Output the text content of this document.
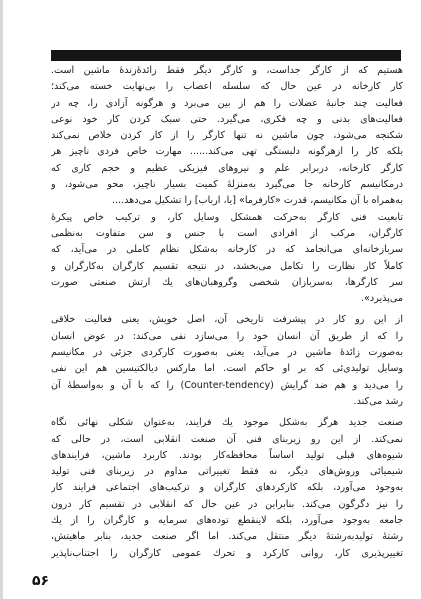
هستیم که از کارگر جداست، و کارگر دیگر فقط زائدۀزندۀ ماشین است.
کار کارخانه در عین حال که سلسله اعصاب را بی‌نهایت خسته می‌کند؛
فعالیت چند جانبۀ عضلات را هم از بین می‌برد و هرگونه آزادی را، چه در
فعالیت‌های بدنی و چه فکری، می‌گیرد. حتی سبک کردن کار خود نوعی
شکنجه می‌شود، چون ماشین نه تنها کارگر را از کار کردن خلاص نمی‌کند
بلکه کار را ازهرگونه دلبستگی تهی می‌کند...... مهارت خاص فردی ناچیز هر
کارگر کارخانه، دربرابر علم و نیروهای فیزیکی عظیم و حجم کاری که
درمکانیسم کارخانه جا می‌گیرد به‌منزلۀ کمیت بسیار ناچیز، محو می‌شود، و
به‌همراه با آن مکانیسم، قدرت «کارفرما» [یا، ارباب] را تشکیل می‌دهد....
تابعیت فنی کارگر به‌حرکت همشکل وسایل کار، و ترکیب خاص پیکرۀ
کارگران، مرکب از افرادی است با جنس و سن متفاوت به‌نظمی
سربازخانه‌ای می‌انجامد که در کارخانه به‌شکل نظام کاملی در می‌آید، که
کاملاً کار نظارت را تکامل می‌بخشد، در نتیجه تقسیم کارگران به‌کارگران و
سر کارگرها، به‌سربازان شخصی وگروهبان‌های یك ارتش صنعتی صورت
می‌پذیرد».
از این رو کار در پیشرفت تاریخی آن، اصل خویش، یعنی فعالیت خلاقی
را که از طریق آن انسان خود را می‌سازد نفی می‌کند: در عوض انسان
به‌صورت زائدۀ ماشین در می‌آید، یعنی به‌صورت کارکردی جزئی در مکانیسم
وسایل تولیدی‌ئی که بر او حاکم است. اما مارکس دیالکتیسین هم این نفی
را می‌دید و هم ضد گرایش (Counter-tendency) را که با آن و به‌واسطۀ آن
رشد می‌کند.
صنعت جدید هرگز به‌شکل موجود یك فرایند، به‌عنوان شکلی نهائی نگاه
نمی‌کند. از این رو زیربنای فنی آن صنعت انقلابی است، در حالی که
شیوه‌های قبلی تولید اساساً محافظه‌کار بودند. کاربرد ماشین، فرایندهای
شیمیائی وروش‌های دیگر، نه فقط تغییراتی مداوم در زیربنای فنی تولید
به‌وجود می‌آورد، بلکه کارکردهای کارگران و ترکیب‌های اجتماعی فرایند کار
را نیز دگرگون می‌کند. بنابراین در عین حال که انقلابی در تقسیم کار درون
جامعه به‌وجود می‌آورد، بلکه لاینقطع توده‌های سرمایه و کارگران را از یك
رشتۀ تولیدبه‌رشتۀ دیگر منتقل می‌کند. اما اگر صنعت جدید، بنابر ماهیتش،
تغییرپذیری کار، روانی کارکرد و تحرك عمومی کارگران را اجتناب‌ناپذیر
۵۶
